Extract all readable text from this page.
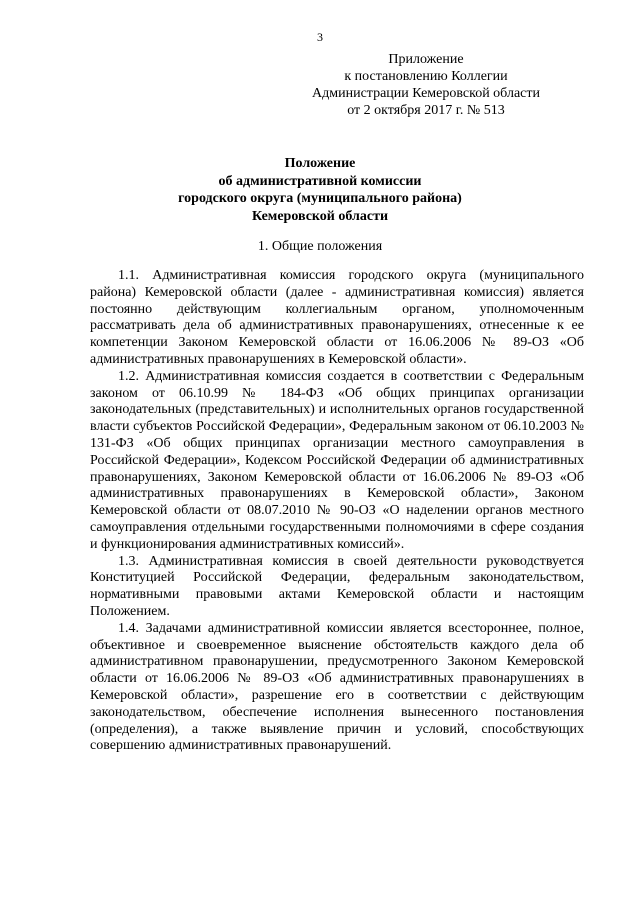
3
Приложение
к постановлению Коллегии
Администрации Кемеровской области
от 2 октября 2017 г. № 513
Положение
об административной комиссии
городского округа (муниципального района)
Кемеровской области
1. Общие положения

1.1. Административная комиссия городского округа (муниципального района) Кемеровской области (далее - административная комиссия) является постоянно действующим коллегиальным органом, уполномоченным рассматривать дела об административных правонарушениях, отнесенные к ее компетенции Законом Кемеровской области от 16.06.2006 № 89-ОЗ «Об административных правонарушениях в Кемеровской области».

1.2. Административная комиссия создается в соответствии с Федеральным законом от 06.10.99 № 184-ФЗ «Об общих принципах организации законодательных (представительных) и исполнительных органов государственной власти субъектов Российской Федерации», Федеральным законом от 06.10.2003 № 131-ФЗ «Об общих принципах организации местного самоуправления в Российской Федерации», Кодексом Российской Федерации об административных правонарушениях, Законом Кемеровской области от 16.06.2006 № 89-ОЗ «Об административных правонарушениях в Кемеровской области», Законом Кемеровской области от 08.07.2010 № 90-ОЗ «О наделении органов местного самоуправления отдельными государственными полномочиями в сфере создания и функционирования административных комиссий».

1.3. Административная комиссия в своей деятельности руководствуется Конституцией Российской Федерации, федеральным законодательством, нормативными правовыми актами Кемеровской области и настоящим Положением.

1.4. Задачами административной комиссии является всестороннее, полное, объективное и своевременное выяснение обстоятельств каждого дела об административном правонарушении, предусмотренного Законом Кемеровской области от 16.06.2006 № 89-ОЗ «Об административных правонарушениях в Кемеровской области», разрешение его в соответствии с действующим законодательством, обеспечение исполнения вынесенного постановления (определения), а также выявление причин и условий, способствующих совершению административных правонарушений.
